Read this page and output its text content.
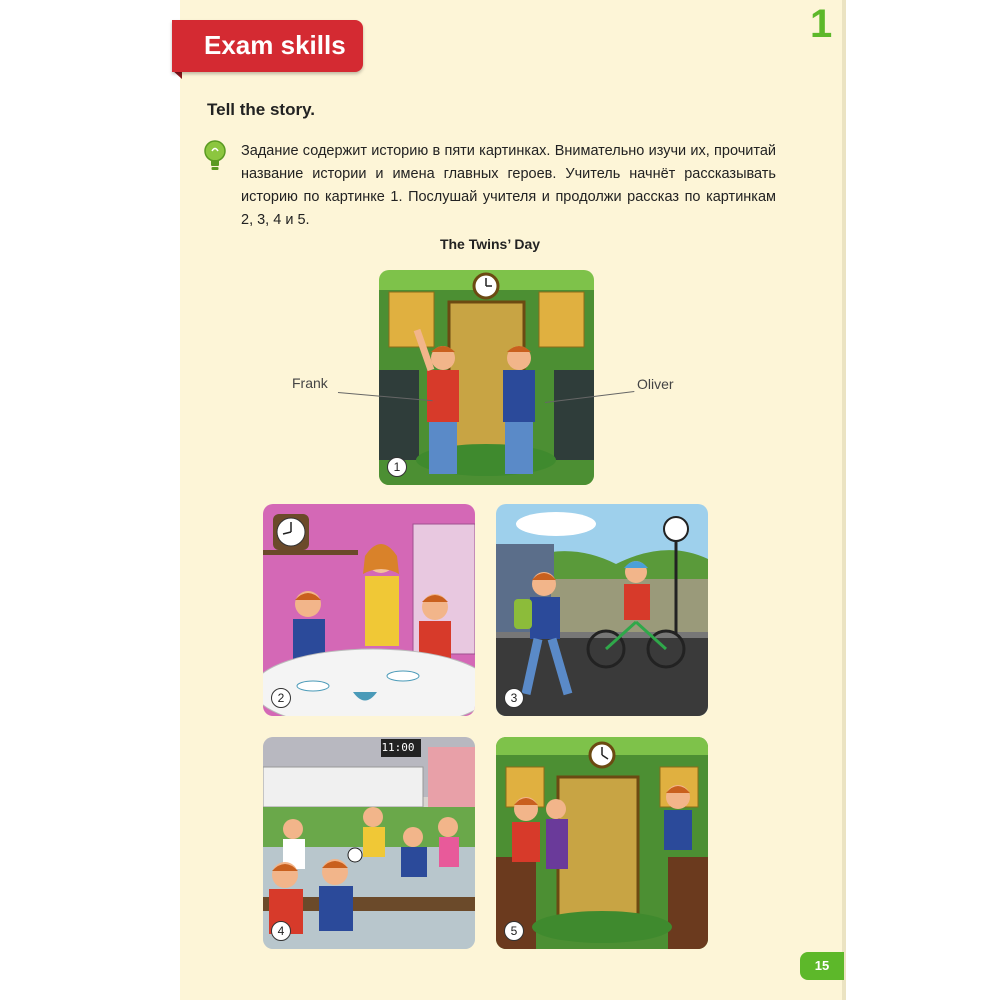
Exam skills	1
Tell the story.
Задание содержит историю в пяти картинках. Внимательно изучи их, прочитай название истории и имена главных героев. Учитель начнёт рассказывать историю по картинке 1. Послушай учителя и продолжи рассказ по картинкам 2, 3, 4 и 5.
The Twins’ Day
1
Frank	Oliver
2	3
4
11:00
5
15
